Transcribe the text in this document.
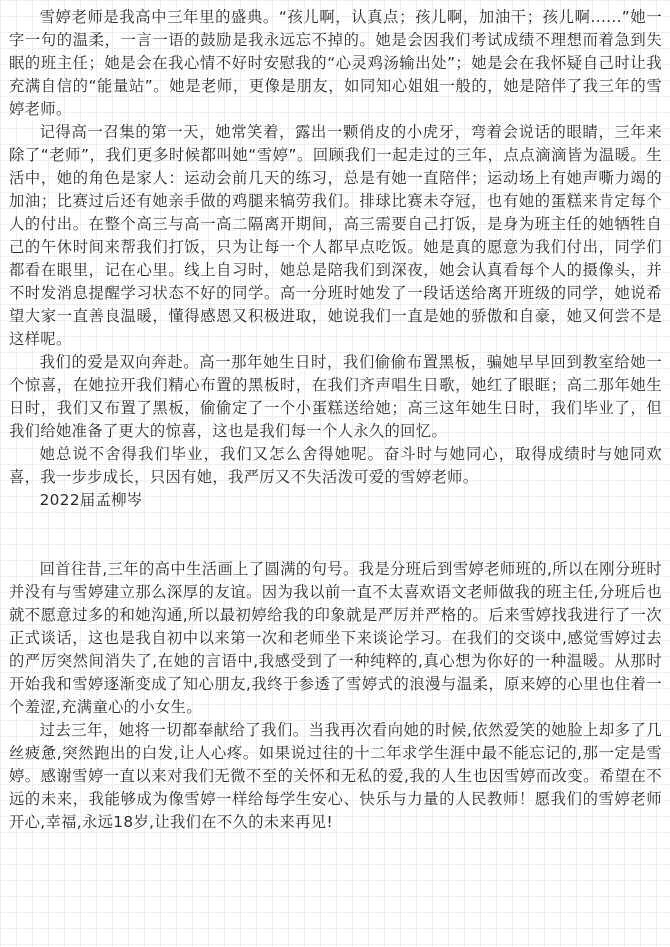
雪婷老师是我高中三年里的盛典。“孩儿啊，认真点；孩儿啊，加油干；孩儿啊......”她一字一句的温柔，一言一语的鼓励是我永远忘不掉的。她是会因我们考试成绩不理想而着急到失眠的班主任；她是会在我心情不好时安慰我的“心灵鸡汤输出处”；她是会在我怀疑自己时让我充满自信的“能量站”。她是老师，更像是朋友，如同知心姐姐一般的，她是陪伴了我三年的雪婷老师。

记得高一召集的第一天，她常笑着，露出一颗俏皮的小虎牙，弯着会说话的眼睛，三年来除了“老师”，我们更多时候都叫她“雪婷”。回顾我们一起走过的三年，点点滴滴皆为温暖。生活中，她的角色是家人：运动会前几天的练习，总是有她一直陪伴；运动场上有她声嘶力竭的加油；比赛过后还有她亲手做的鸡腿来犒劳我们。排球比赛未夺冠，也有她的蛋糕来肯定每个人的付出。在整个高三与高一高二隔离开期间，高三需要自己打饭，是身为班主任的她牺牲自己的午休时间来帮我们打饭，只为让每一个人都早点吃饭。她是真的愿意为我们付出，同学们都看在眼里，记在心里。线上自习时，她总是陪我们到深夜，她会认真看每个人的摄像头，并不时发消息提醒学习状态不好的同学。高一分班时她发了一段话送给离开班级的同学，她说希望大家一直善良温暖，懂得感恩又积极进取，她说我们一直是她的骄傲和自豪，她又何尝不是这样呢。

我们的爱是双向奔赴。高一那年她生日时，我们偷偷布置黑板，骗她早早回到教室给她一个惊喜，在她拉开我们精心布置的黑板时，在我们齐声唱生日歌，她红了眼眶；高二那年她生日时，我们又布置了黑板，偷偷定了一个小蛋糕送给她；高三这年她生日时，我们毕业了，但我们给她准备了更大的惊喜，这也是我们每一个人永久的回忆。

她总说不舍得我们毕业，我们又怎么舍得她呢。奋斗时与她同心，取得成绩时与她同欢喜，我一步步成长，只因有她，我严厉又不失活泼可爱的雪婷老师。

2022届孟柳岑

回首往昔,三年的高中生活画上了圆满的句号。我是分班后到雪婷老师班的,所以在刚分班时并没有与雪婷建立那么深厚的友谊。因为我以前一直不太喜欢语文老师做我的班主任,分班后也就不愿意过多的和她沟通,所以最初婷给我的印象就是严厉并严格的。后来雪婷找我进行了一次正式谈话，这也是我自初中以来第一次和老师坐下来谈论学习。在我们的交谈中,感觉雪婷过去的严厉突然间消失了,在她的言语中,我感受到了一种纯粹的,真心想为你好的一种温暖。从那时开始我和雪婷逐渐变成了知心朋友,我终于参透了雪婷式的浪漫与温柔，原来婷的心里也住着一个羞涩,充满童心的小女生。

过去三年，她将一切都奉献给了我们。当我再次看向她的时候,依然爱笑的她脸上却多了几丝疲惫,突然跑出的白发,让人心疼。如果说过往的十二年求学生涯中最不能忘记的,那一定是雪婷。感谢雪婷一直以来对我们无微不至的关怀和无私的爱,我的人生也因雪婷而改变。希望在不远的未来，我能够成为像雪婷一样给每学生安心、快乐与力量的人民教师！愿我们的雪婷老师开心,幸福,永远18岁,让我们在不久的未来再见!
